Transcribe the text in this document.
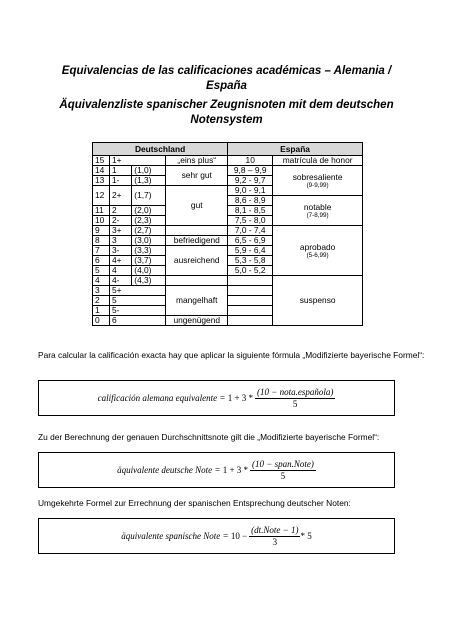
Equivalencias de las calificaciones académicas – Alemania /
España
Äquivalenzliste spanischer Zeugnisnoten mit dem deutschen
Notensystem
Deutschland				España	
15	1+		„eins plus“	10	matrícula de honor
14	1	(1,0)	sehr gut	9,8 – 9,9	sobresaliente
(9-9,99)

13	1-	(1,3)		9,2 - 9,7	
12	2+	(1,7)	gut	9,0 - 9,1	
				8,6 - 8,9	notable
(7-8,99)

11	2	(2,0)		8,1 - 8,5	
10	2-	(2,3)		7,5 - 8,0	
9	3+	(2,7)		7,0 - 7,4	aprobado
(5-6,99)

8	3	(3,0)	befriedigend	6,5 - 6,9	
7	3-	(3,3)	ausreichend	5,9 - 6,4	
6	4+	(3,7)		5,3 - 5,8	
5	4	(4,0)		5,0 - 5,2	
4	4-	(4,3)			suspenso
3	5+		mangelhaft		
2	5				
1	5-				
0	6		ungenügend		
Para calcular la calificación exacta hay que aplicar la siguiente fórmula „Modifizierte bayerische Formel“:
calificación alemana equivalente =
$1 + 3 * \frac{\text{(10 − nota.española)}}{5}$
Zu der Berechnung der genauen Durchschnittsnote gilt die „Modifizierte bayerische Formel“:
äquivalente deutsche Note =
$1 + 3 * \frac{\text{(10 − span.Note)}}{5}$
Umgekehrte Formel zur Errechnung der spanischen Entsprechung deutscher Noten:
äquivalente spanische Note =
$10 - \frac{\text{(dt.Note − 1)}}{3} * 5$
